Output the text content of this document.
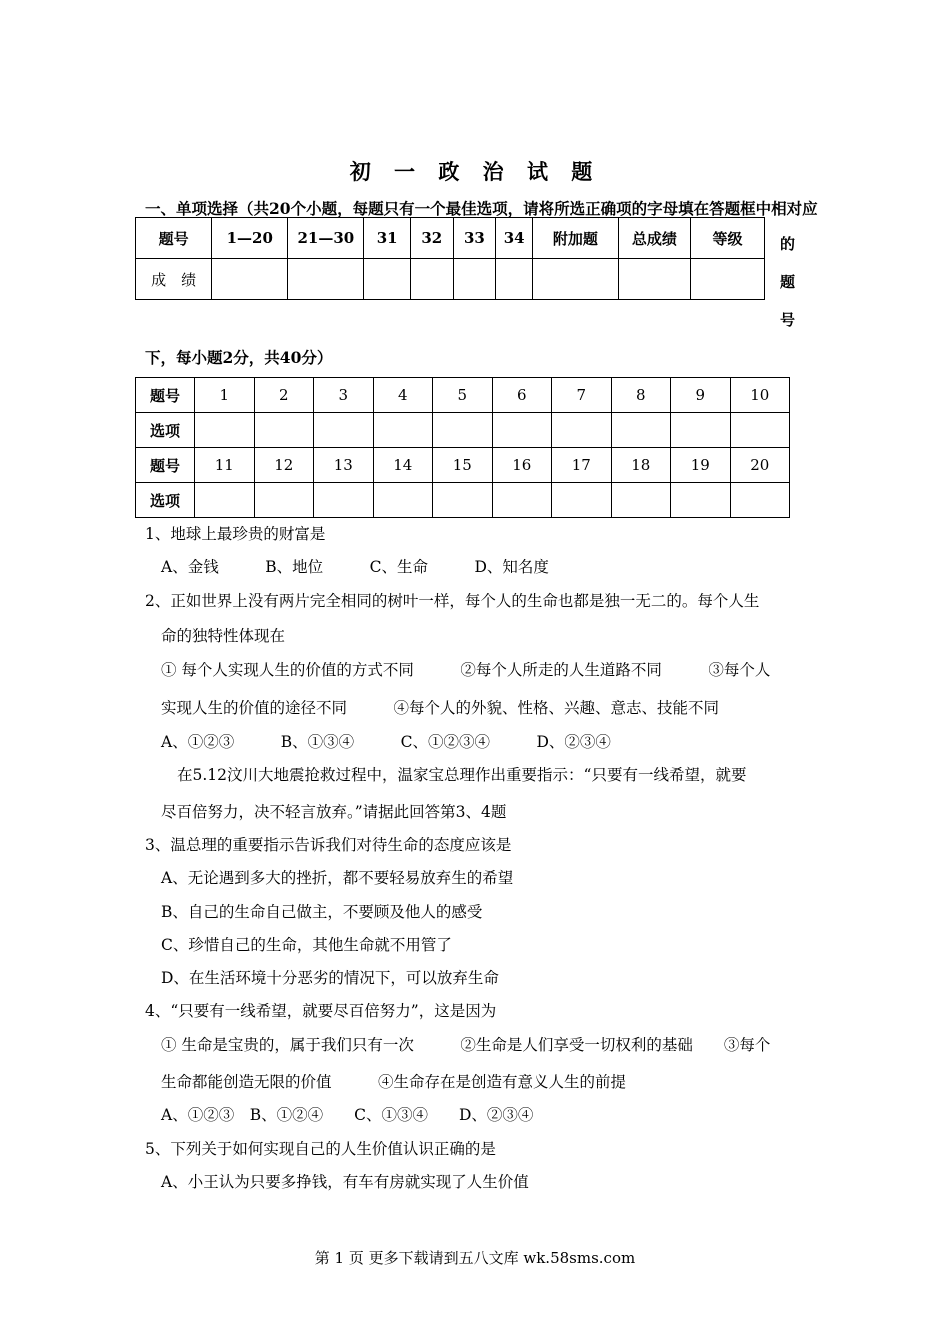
初 一 政 治 试 题
一、单项选择（共20个小题，每题只有一个最佳选项，请将所选正确项的字母填在答题框中相对应
题号	1—20	21—30	31	32	33	34	附加题	总成绩	等级
成　绩									
的
题
号
下，每小题2分，共40分）
题号	1	2	3	4	5	6	7	8	9	10
选项										
题号	11	12	13	14	15	16	17	18	19	20
选项										
1、地球上最珍贵的财富是
A、金钱　　　B、地位　　　C、生命　　　D、知名度
2、正如世界上没有两片完全相同的树叶一样，每个人的生命也都是独一无二的。每个人生
命的独特性体现在
① 每个人实现人生的价值的方式不同　　　②每个人所走的人生道路不同　　　③每个人
实现人生的价值的途径不同　　　④每个人的外貌、性格、兴趣、意志、技能不同
A、①②③　　　B、①③④　　　C、①②③④　　　D、②③④
在5.12汶川大地震抢救过程中，温家宝总理作出重要指示：“只要有一线希望，就要
尽百倍努力，决不轻言放弃。”请据此回答第3、4题
3、温总理的重要指示告诉我们对待生命的态度应该是
A、无论遇到多大的挫折，都不要轻易放弃生的希望
B、自己的生命自己做主，不要顾及他人的感受
C、珍惜自己的生命，其他生命就不用管了
D、在生活环境十分恶劣的情况下，可以放弃生命
4、“只要有一线希望，就要尽百倍努力”，这是因为
① 生命是宝贵的，属于我们只有一次　　　②生命是人们享受一切权利的基础　　③每个
生命都能创造无限的价值　　　④生命存在是创造有意义人生的前提
A、①②③　B、①②④　　C、①③④　　D、②③④
5、下列关于如何实现自己的人生价值认识正确的是
A、小王认为只要多挣钱，有车有房就实现了人生价值
第 1 页 更多下载请到五八文库 wk.58sms.com
